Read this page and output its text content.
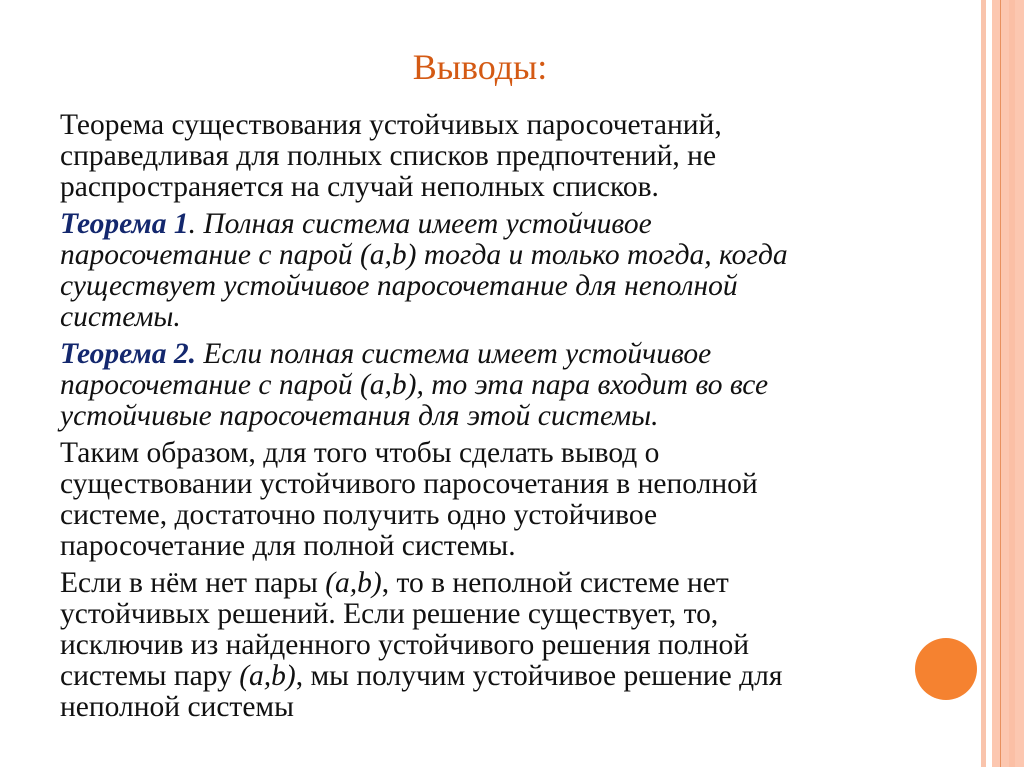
Выводы:
Теорема существования устойчивых паросочетаний,
справедливая для полных списков предпочтений, не
распространяется на случай неполных списков.
Теорема 1. Полная система имеет устойчивое
паросочетание с парой (a,b) тогда и только тогда, когда
существует устойчивое паросочетание для неполной
системы.
Теорема 2. Если полная система имеет устойчивое
паросочетание с парой (a,b), то эта пара входит во все
устойчивые паросочетания для этой системы.
Таким образом, для того чтобы сделать вывод о
существовании устойчивого паросочетания в неполной
системе, достаточно получить одно устойчивое
паросочетание для полной системы.
Если в нём нет пары (a,b), то в неполной системе нет
устойчивых решений. Если решение существует, то,
исключив из найденного устойчивого решения полной
системы пару (a,b), мы получим устойчивое решение для
неполной системы
